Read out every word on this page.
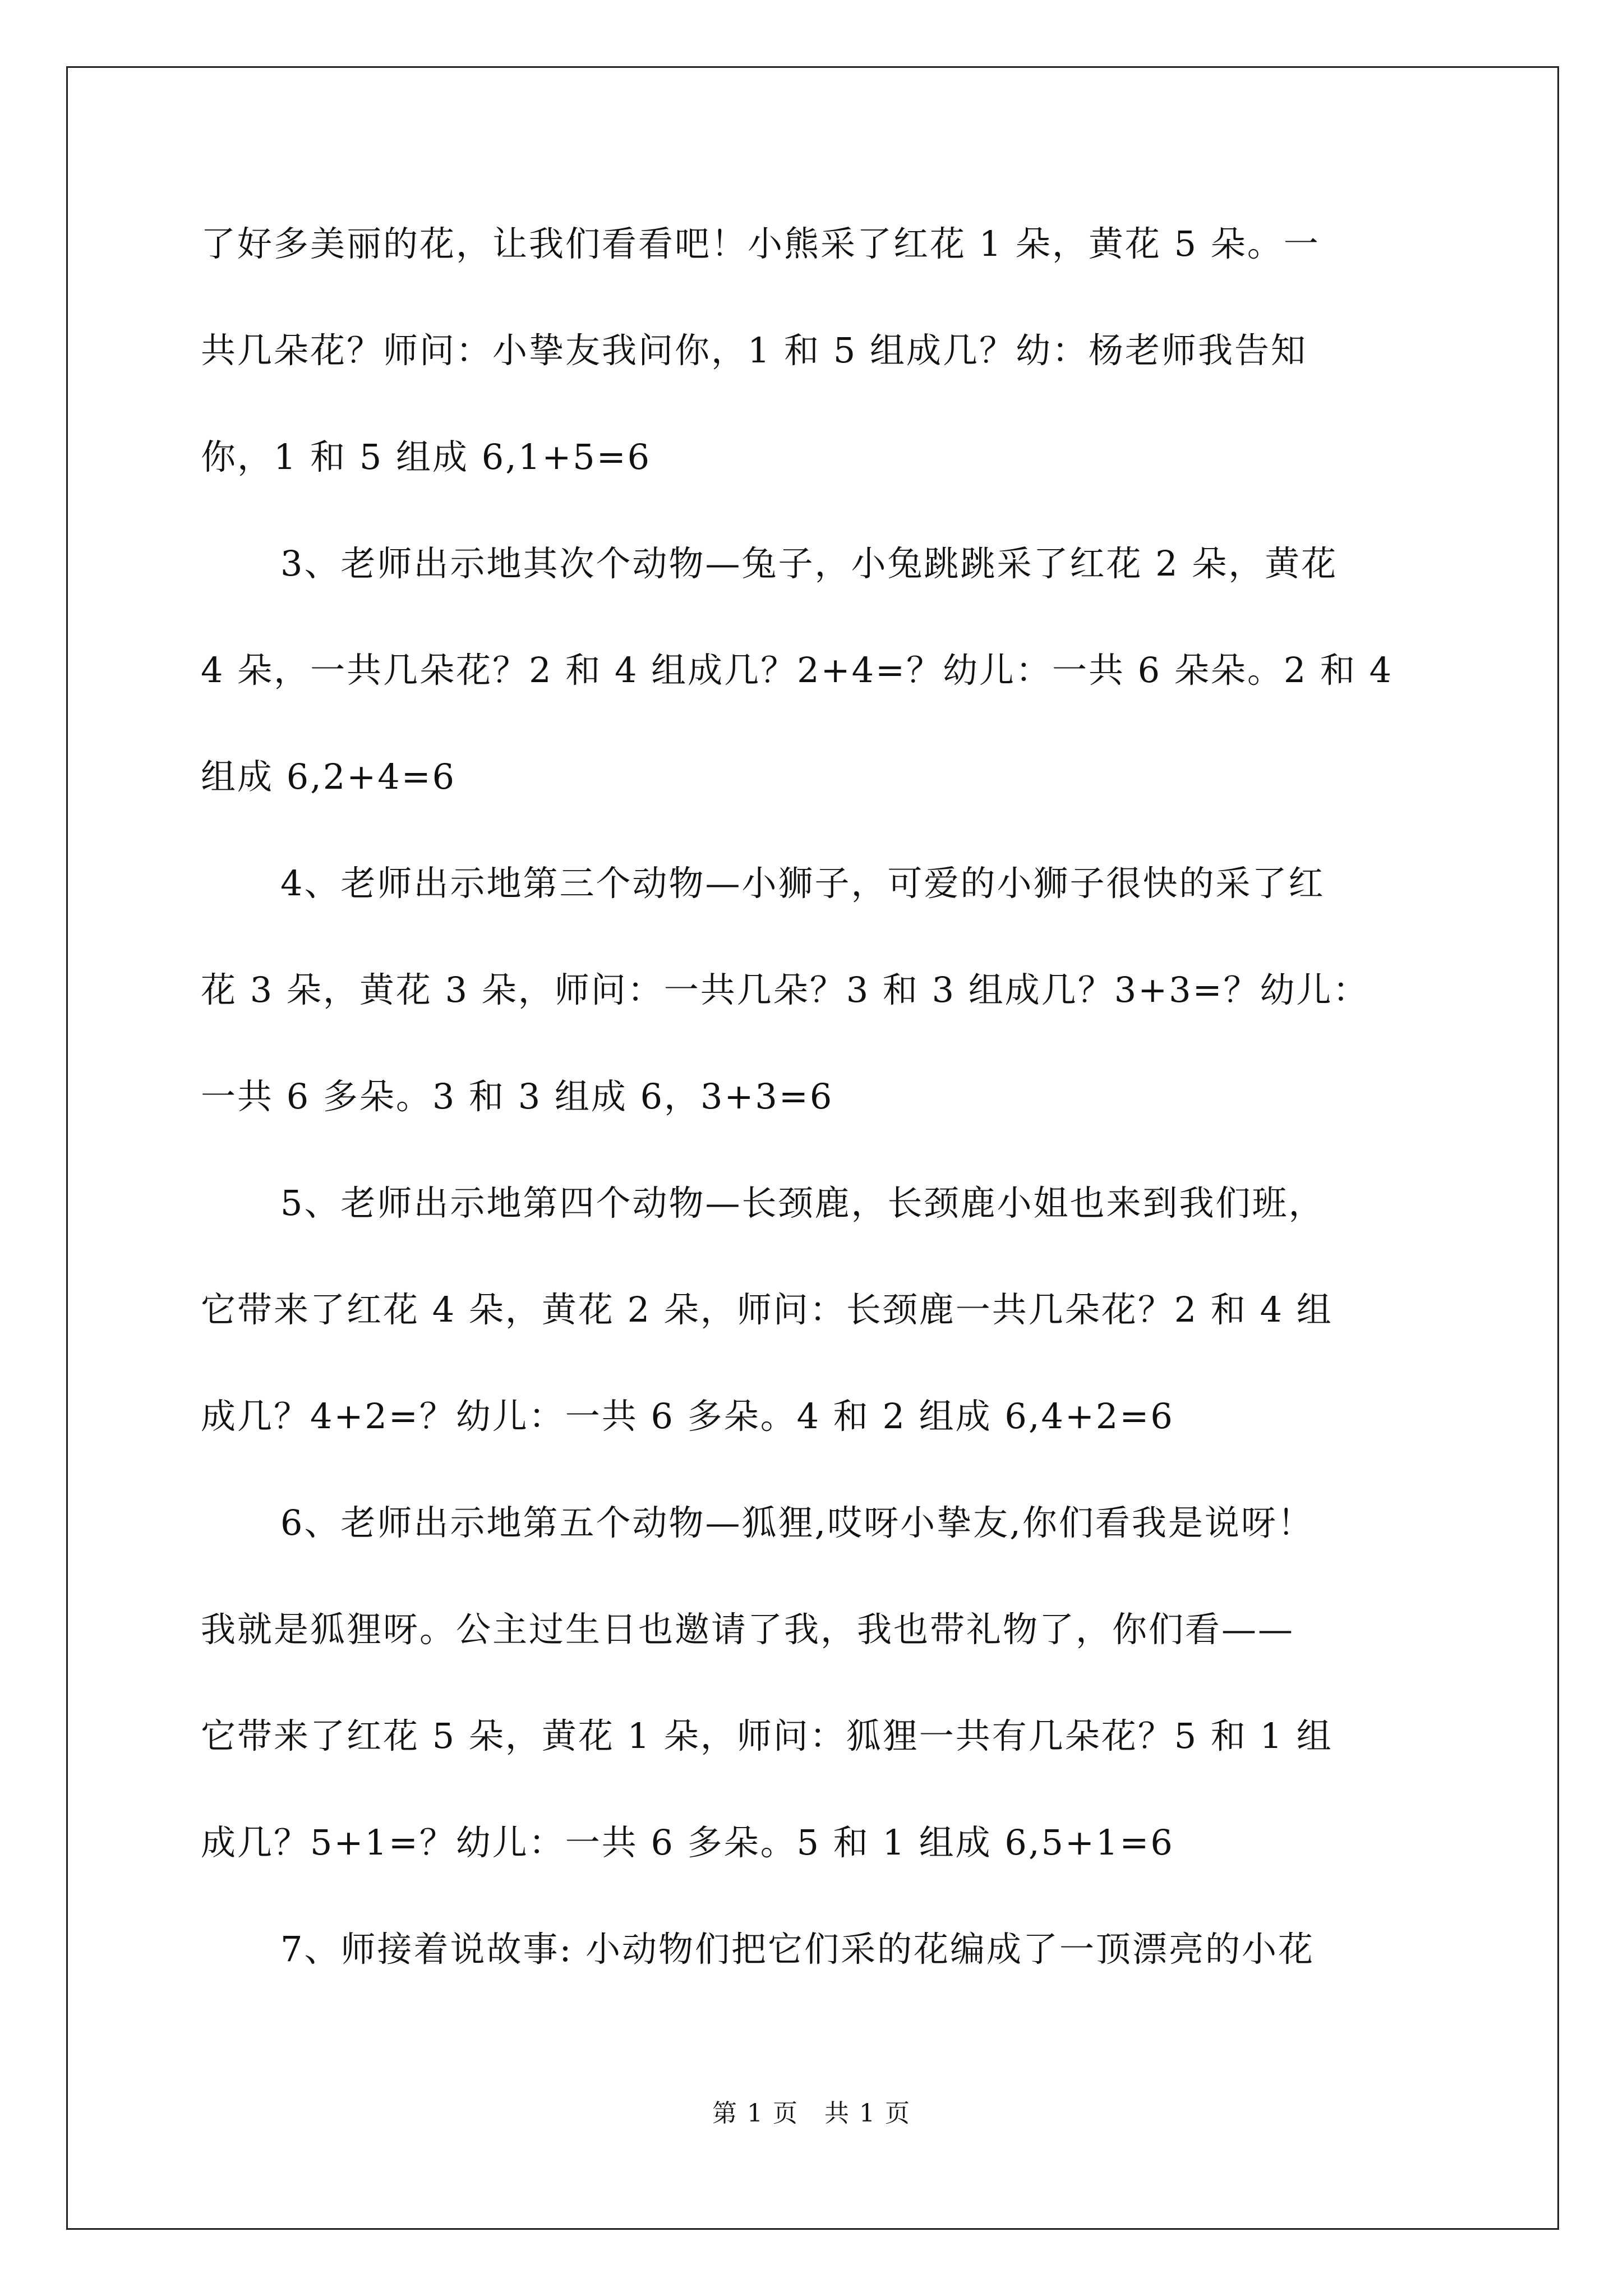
了好多美丽的花，让我们看看吧！小熊采了红花 1 朵，黄花 5 朵。一
共几朵花？师问：小挚友我问你，1 和 5 组成几？幼：杨老师我告知
你，1 和 5 组成 6,1+5=6
3、老师出示地其次个动物—兔子，小兔跳跳采了红花 2 朵，黄花
4 朵，一共几朵花？2 和 4 组成几？2+4=？幼儿：一共 6 朵朵。2 和 4
组成 6,2+4=6
4、老师出示地第三个动物—小狮子，可爱的小狮子很快的采了红
花 3 朵，黄花 3 朵，师问：一共几朵？3 和 3 组成几？3+3=？幼儿：
一共 6 多朵。3 和 3 组成 6，3+3=6
5、老师出示地第四个动物—长颈鹿，长颈鹿小姐也来到我们班，
它带来了红花 4 朵，黄花 2 朵，师问：长颈鹿一共几朵花？2 和 4 组
成几？4+2=？幼儿：一共 6 多朵。4 和 2 组成 6,4+2=6
6、老师出示地第五个动物—狐狸,哎呀小挚友,你们看我是说呀！
我就是狐狸呀。公主过生日也邀请了我，我也带礼物了，你们看——
它带来了红花 5 朵，黄花 1 朵，师问：狐狸一共有几朵花？5 和 1 组
成几？5+1=？幼儿：一共 6 多朵。5 和 1 组成 6,5+1=6
7、师接着说故事: 小动物们把它们采的花编成了一顶漂亮的小花
第 1 页　共 1 页
